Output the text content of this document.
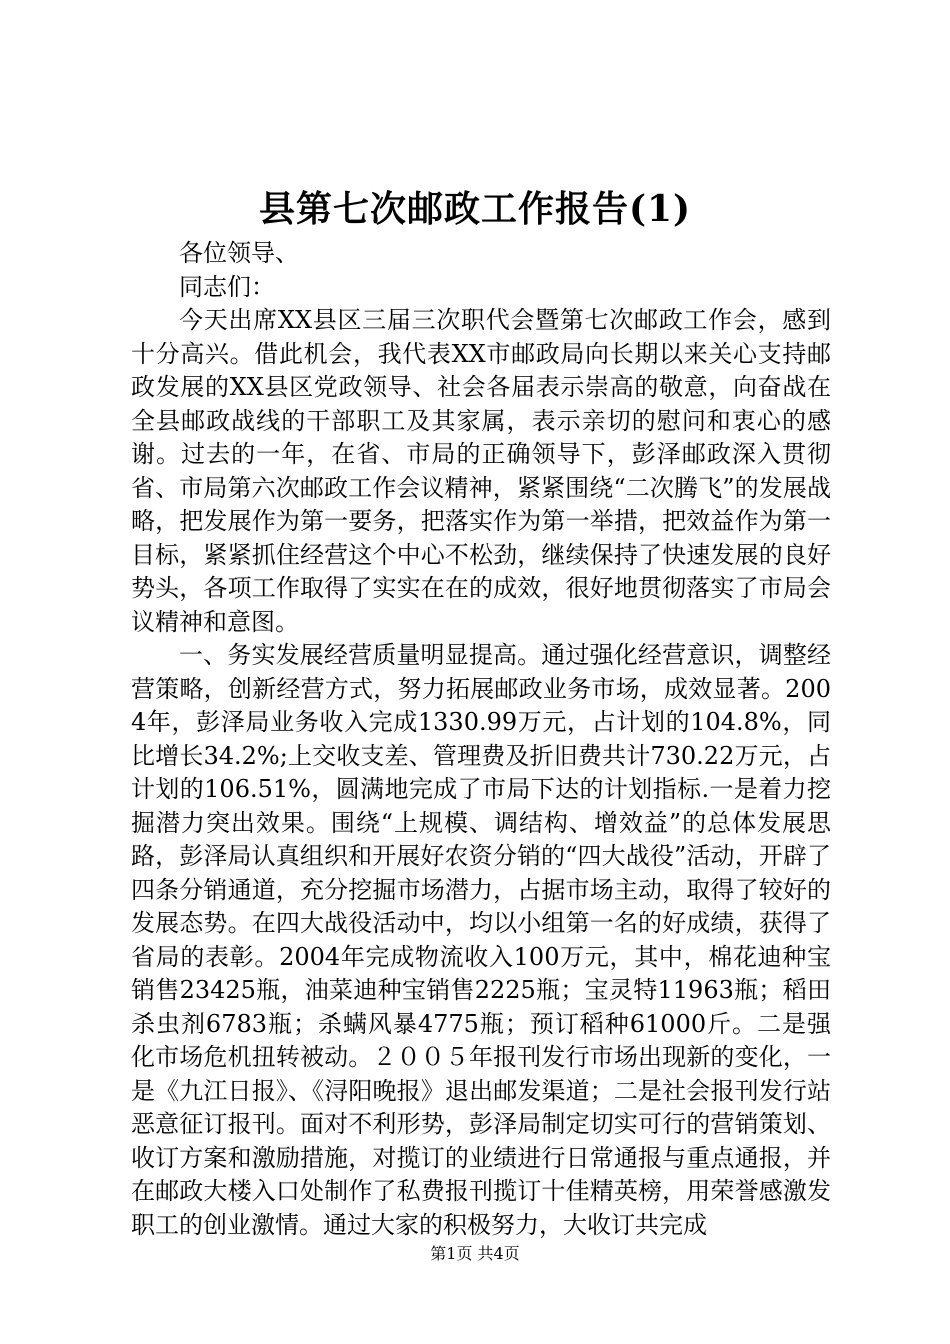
县第七次邮政工作报告(1)

各位领导、

同志们：

今天出席XX县区三届三次职代会暨第七次邮政工作会，感到十分高兴。借此机会，我代表XX市邮政局向长期以来关心支持邮政发展的XX县区党政领导、社会各届表示崇高的敬意，向奋战在全县邮政战线的干部职工及其家属，表示亲切的慰问和衷心的感谢。过去的一年，在省、市局的正确领导下，彭泽邮政深入贯彻省、市局第六次邮政工作会议精神，紧紧围绕“二次腾飞”的发展战略，把发展作为第一要务，把落实作为第一举措，把效益作为第一目标，紧紧抓住经营这个中心不松劲，继续保持了快速发展的良好势头，各项工作取得了实实在在的成效，很好地贯彻落实了市局会议精神和意图。

一、务实发展经营质量明显提高。通过强化经营意识，调整经营策略，创新经营方式，努力拓展邮政业务市场，成效显著。2004年，彭泽局业务收入完成1330.99万元，占计划的104.8%，同比增长34.2%;上交收支差、管理费及折旧费共计730.22万元，占计划的106.51%，圆满地完成了市局下达的计划指标.一是着力挖掘潜力突出效果。围绕“上规模、调结构、增效益”的总体发展思路，彭泽局认真组织和开展好农资分销的“四大战役”活动，开辟了四条分销通道，充分挖掘市场潜力，占据市场主动，取得了较好的发展态势。在四大战役活动中，均以小组第一名的好成绩，获得了省局的表彰。2004年完成物流收入100万元，其中，棉花迪种宝销售23425瓶，油菜迪种宝销售2225瓶；宝灵特11963瓶；稻田杀虫剂6783瓶；杀螨风暴4775瓶；预订稻种61000斤。二是强化市场危机扭转被动。２００５年报刊发行市场出现新的变化，一是《九江日报》、《浔阳晚报》退出邮发渠道；二是社会报刊发行站恶意征订报刊。面对不利形势，彭泽局制定切实可行的营销策划、收订方案和激励措施，对揽订的业绩进行日常通报与重点通报，并在邮政大楼入口处制作了私费报刊揽订十佳精英榜，用荣誉感激发职工的创业激情。通过大家的积极努力，大收订共完成

第1页 共4页
